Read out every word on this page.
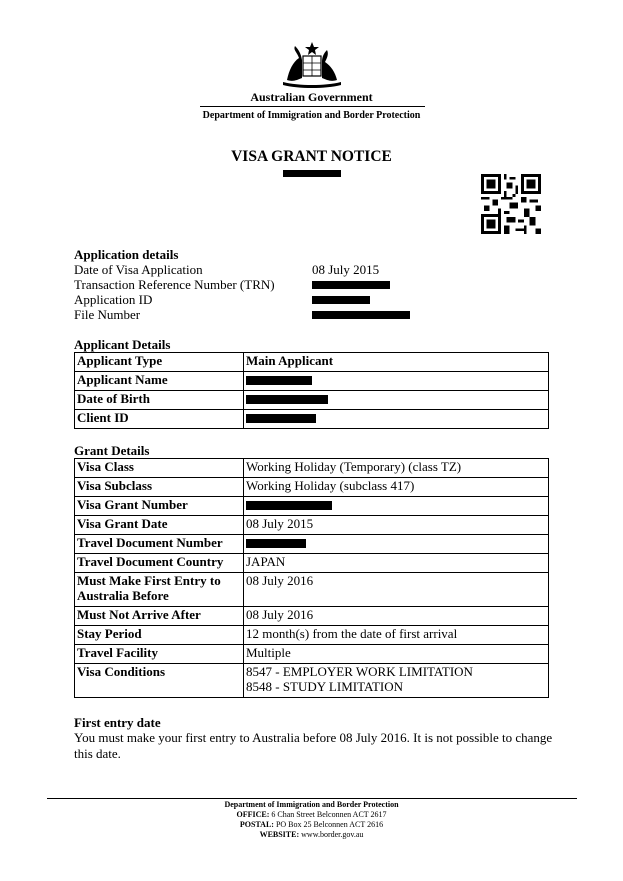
Australian Government
Department of Immigration and Border Protection
VISA GRANT NOTICE
Application details
Date of Visa Application	08 July 2015
Transaction Reference Number (TRN)
Application ID
File Number
Applicant Details
Applicant Type	Main Applicant
Applicant Name	
Date of Birth	
Client ID	
Grant Details
Visa Class	Working Holiday (Temporary) (class TZ)
Visa Subclass	Working Holiday (subclass 417)
Visa Grant Number	
Visa Grant Date	08 July 2015
Travel Document Number	
Travel Document Country	JAPAN
Must Make First Entry to Australia Before	08 July 2016
Must Not Arrive After	08 July 2016
Stay Period	12 month(s) from the date of first arrival
Travel Facility	Multiple
Visa Conditions	8547 - EMPLOYER WORK LIMITATION
8548 - STUDY LIMITATION
First entry date
You must make your first entry to Australia before 08 July 2016. It is not possible to change this date.
Department of Immigration and Border Protection
OFFICE: 6 Chan Street Belconnen ACT 2617
POSTAL: PO Box 25 Belconnen ACT 2616
WEBSITE: www.border.gov.au
